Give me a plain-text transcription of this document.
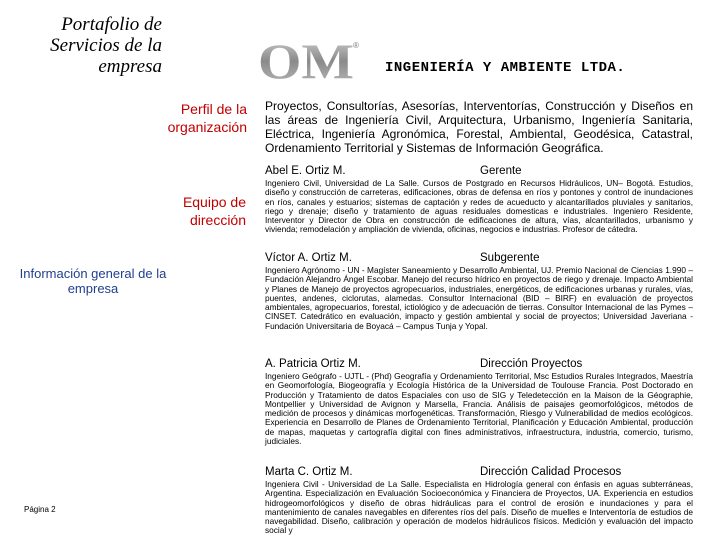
Portafolio de Servicios de la empresa OM ®
INGENIERÍA Y AMBIENTE LTDA.
Perfil de la organización
Equipo de dirección
Información general de la empresa
Página 2
Proyectos, Consultorías, Asesorías, Interventorías, Construcción y Diseños en las áreas de Ingeniería Civil, Arquitectura, Urbanismo, Ingeniería Sanitaria, Eléctrica, Ingeniería Agronómica, Forestal, Ambiental, Geodésica, Catastral, Ordenamiento Territorial y Sistemas de Información Geográfica.
Abel E. Ortiz M.	Gerente
Ingeniero Civil, Universidad de La Salle. Cursos de Postgrado en Recursos Hidráulicos, UN– Bogotá. Estudios, diseño y construcción de carreteras, edificaciones, obras de defensa en ríos y pontones y control de inundaciones en ríos, canales y estuarios; sistemas de captación y redes de acueducto y alcantarillados pluviales y sanitarios, riego y drenaje; diseño y tratamiento de aguas residuales domesticas e industriales. Ingeniero Residente, Interventor y Director de Obra en construcción de edificaciones de altura, vías, alcantarillados, urbanismo y vivienda; remodelación y ampliación de vivienda, oficinas, negocios e industrias. Profesor de cátedra.
Víctor A. Ortiz M.	Subgerente
Ingeniero Agrónomo - UN - Magíster Saneamiento y Desarrollo Ambiental, UJ. Premio Nacional de Ciencias 1.990 – Fundación Alejandro Ángel Escobar. Manejo del recurso hídrico en proyectos de riego y drenaje. Impacto Ambiental y Planes de Manejo de proyectos agropecuarios, industriales, energéticos, de edificaciones urbanas y rurales, vías, puentes, andenes, ciclorutas, alamedas. Consultor Internacional (BID – BIRF) en evaluación de proyectos ambientales, agropecuarios, forestal, ictiológico y de adecuación de tierras. Consultor Internacional de las Pymes – CINSET. Catedrático en evaluación, impacto y gestión ambiental y social de proyectos; Universidad Javeriana - Fundación Universitaria de Boyacá – Campus Tunja y Yopal.
A. Patricia Ortiz M.	Dirección Proyectos
Ingeniero Geógrafo - UJTL - (Phd) Geografía y Ordenamiento Territorial, Msc Estudios Rurales Integrados, Maestría en Geomorfología, Biogeografía y Ecología Histórica de la Universidad de Toulouse Francia. Post Doctorado en Producción y Tratamiento de datos Espaciales con uso de SIG y Teledetección en la Maison de la Géographie, Montpellier y Universidad de Avignon y Marsella, Francia. Análisis de paisajes geomorfológicos, métodos de medición de procesos y dinámicas morfogenéticas. Transformación, Riesgo y Vulnerabilidad de medios ecológicos. Experiencia en Desarrollo de Planes de Ordenamiento Territorial, Planificación y Educación Ambiental, producción de mapas, maquetas y cartografía digital con fines administrativos, infraestructura, industria, comercio, turismo, judiciales.
Marta C. Ortiz M.	Dirección Calidad Procesos
Ingeniera Civil - Universidad de La Salle. Especialista en Hidrología general con énfasis en aguas subterráneas, Argentina. Especialización en Evaluación Socioeconómica y Financiera de Proyectos, UA. Experiencia en estudios hidrogeomorfológicos y diseño de obras hidráulicas para el control de erosión e inundaciones y para el mantenimiento de canales navegables en diferentes ríos del país. Diseño de muelles e Interventoría de estudios de navegabilidad. Diseño, calibración y operación de modelos hidráulicos físicos. Medición y evaluación del impacto social y
